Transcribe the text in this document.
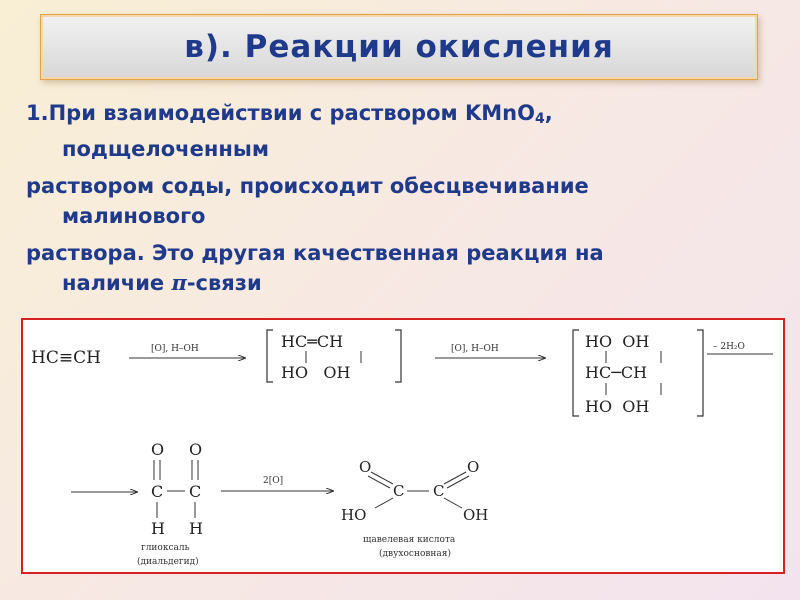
в). Реакции окисления
1.При взаимодействии с раствором KMnO$_4$,
подщелоченным
раствором соды, происходит обесцвечивание
малинового
раствора. Это другая качественная реакция на
наличие π-связи
HC≡CH	[O], H–OH	HC═CH
HO   OH
[O], H–OH	HO  OH
HC─CH
HO  OH
– 2H₂O
O O
C C
H H
глиоксаль
(диальдегид)
2[O]
O	O
C C
HO	OH
щавелевая кислота
(двухосновная)
